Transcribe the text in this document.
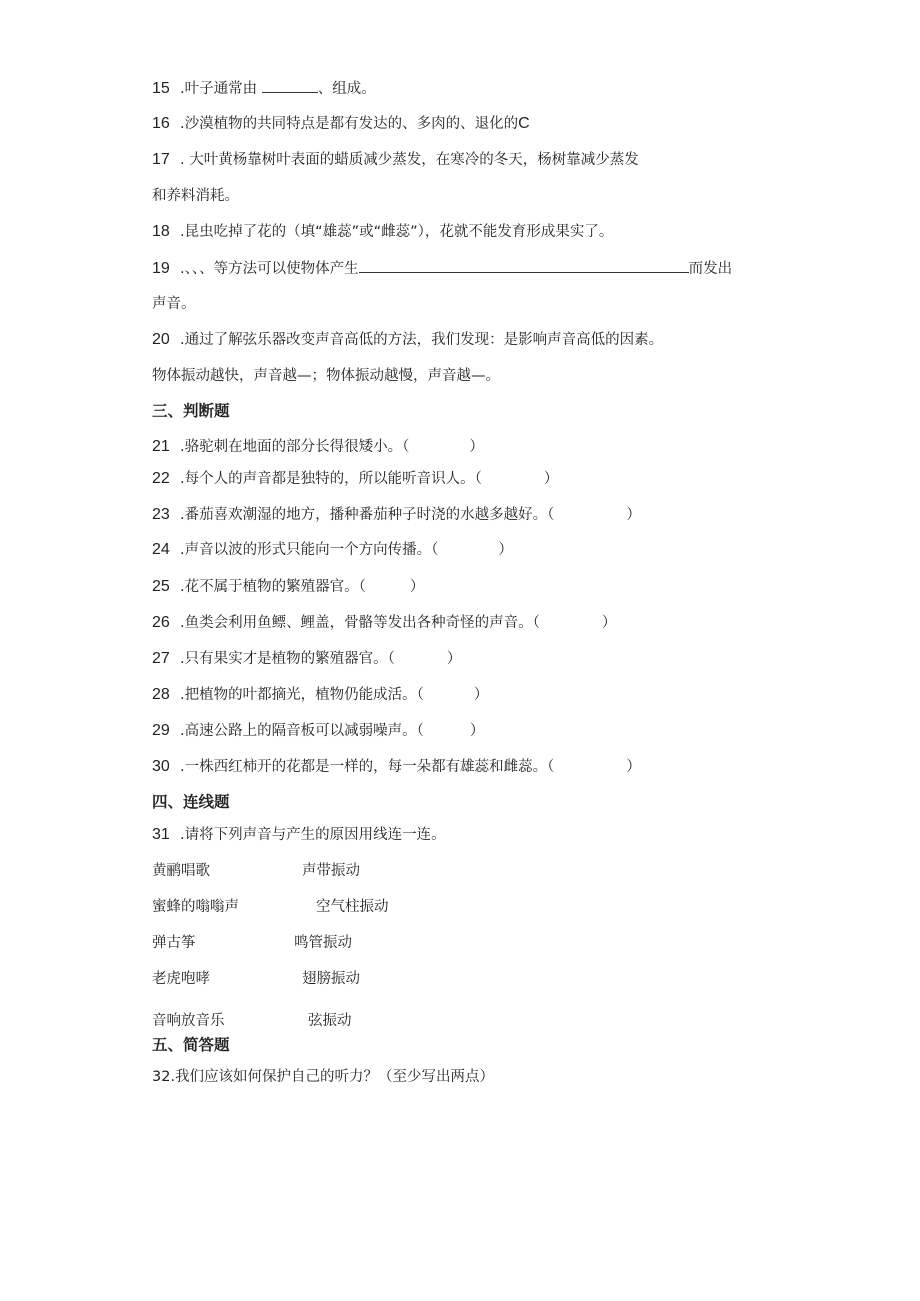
15 .叶子通常由	、组成。
16 .沙漠植物的共同特点是都有发达的、多肉的、退化的C
17 . 大叶黄杨靠树叶表面的蜡质减少蒸发，在寒冷的冬天，杨树靠减少蒸发
和养料消耗。
18 .昆虫吃掉了花的（填“雄蕊”或“雌蕊”），花就不能发育形成果实了。
19 .、、、等方法可以使物体产生	而发出
声音。
20 .通过了解弦乐器改变声音高低的方法，我们发现：是影响声音高低的因素。
物体振动越快，声音越—；物体振动越慢，声音越—。
三、判断题
21 .骆驼刺在地面的部分长得很矮小。（	）
22 .每个人的声音都是独特的，所以能听音识人。（	）
23 .番茄喜欢潮湿的地方，播种番茄种子时浇的水越多越好。（	）
24 .声音以波的形式只能向一个方向传播。（	）
25 .花不属于植物的繁殖器官。（	）
26 .鱼类会利用鱼鳔、鲤盖，骨骼等发出各种奇怪的声音。（	）
27 .只有果实才是植物的繁殖器官。（	）
28 .把植物的叶都摘光，植物仍能成活。（	）
29 .高速公路上的隔音板可以减弱噪声。（	）
30 .一株西红柿开的花都是一样的，每一朵都有雄蕊和雌蕊。（	）
四、连线题
31 .请将下列声音与产生的原因用线连一连。
黄鹂唱歌	声带振动
蜜蜂的嗡嗡声	空气柱振动
弹古筝	鸣管振动
老虎咆哮	翅膀振动
音响放音乐	弦振动
五、简答题
32.我们应该如何保护自己的听力？（至少写出两点）
